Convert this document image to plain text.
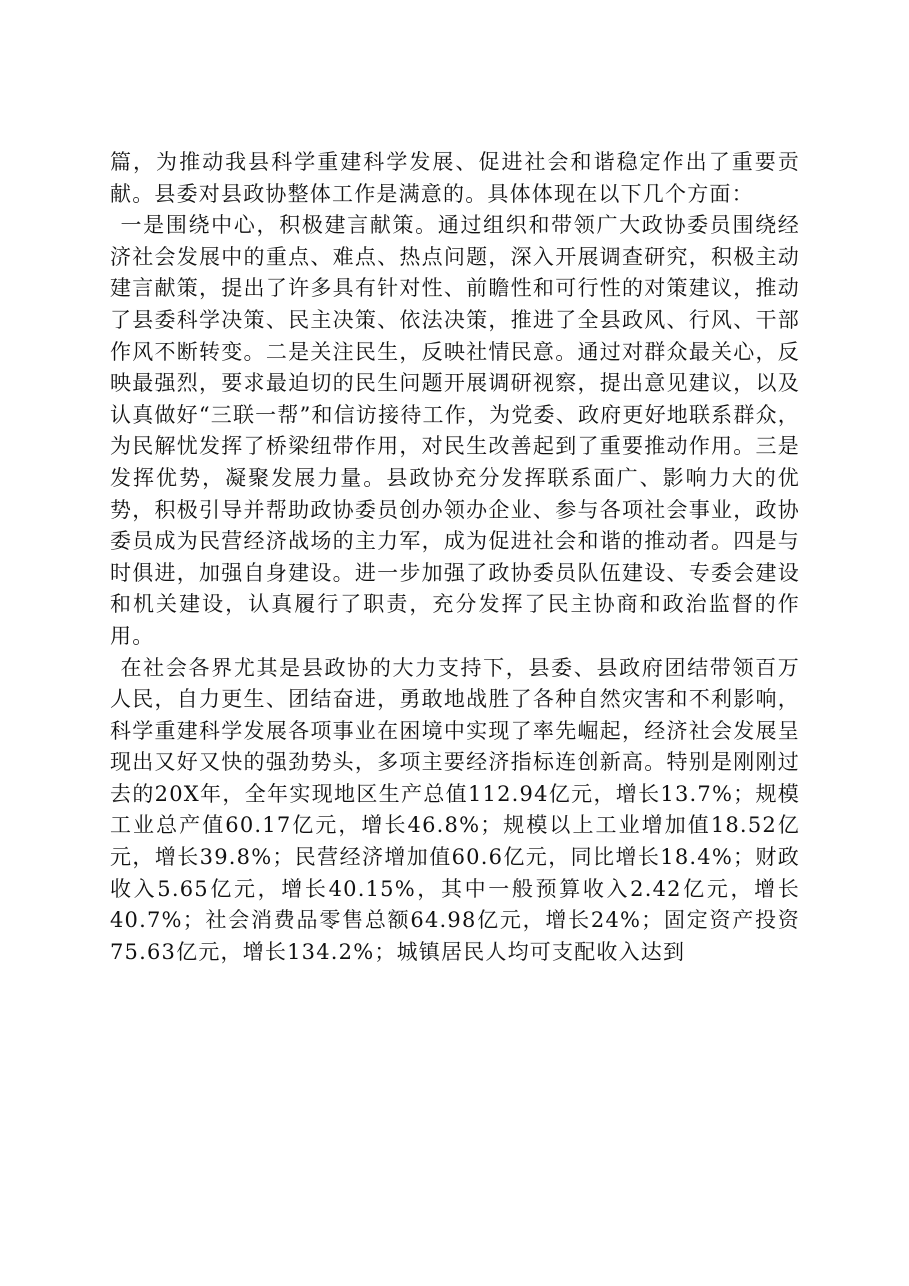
篇，为推动我县科学重建科学发展、促进社会和谐稳定作出了重要贡献。县委对县政协整体工作是满意的。具体体现在以下几个方面：

一是围绕中心，积极建言献策。通过组织和带领广大政协委员围绕经济社会发展中的重点、难点、热点问题，深入开展调查研究，积极主动建言献策，提出了许多具有针对性、前瞻性和可行性的对策建议，推动了县委科学决策、民主决策、依法决策，推进了全县政风、行风、干部作风不断转变。二是关注民生，反映社情民意。通过对群众最关心，反映最强烈，要求最迫切的民生问题开展调研视察，提出意见建议，以及认真做好“三联一帮”和信访接待工作，为党委、政府更好地联系群众，为民解忧发挥了桥梁纽带作用，对民生改善起到了重要推动作用。三是发挥优势，凝聚发展力量。县政协充分发挥联系面广、影响力大的优势，积极引导并帮助政协委员创办领办企业、参与各项社会事业，政协委员成为民营经济战场的主力军，成为促进社会和谐的推动者。四是与时俱进，加强自身建设。进一步加强了政协委员队伍建设、专委会建设和机关建设，认真履行了职责，充分发挥了民主协商和政治监督的作用。

在社会各界尤其是县政协的大力支持下，县委、县政府团结带领百万人民，自力更生、团结奋进，勇敢地战胜了各种自然灾害和不利影响，科学重建科学发展各项事业在困境中实现了率先崛起，经济社会发展呈现出又好又快的强劲势头，多项主要经济指标连创新高。特别是刚刚过去的20X年，全年实现地区生产总值112.94亿元，增长13.7%；规模工业总产值60.17亿元，增长46.8%；规模以上工业增加值18.52亿元，增长39.8%；民营经济增加值60.6亿元，同比增长18.4%；财政收入5.65亿元，增长40.15%，其中一般预算收入2.42亿元，增长40.7%；社会消费品零售总额64.98亿元，增长24%；固定资产投资75.63亿元，增长134.2%；城镇居民人均可支配收入达到
